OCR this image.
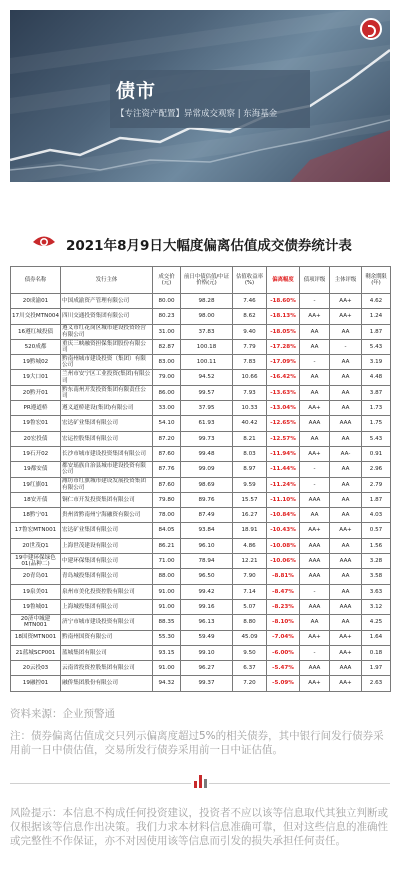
债市
【专注资产配置】异常成交观察 | 东海基金
2021年8月9日大幅度偏离估值成交债券统计表
债券名称	发行主体	成交价(元)	前日中债估值/中证价格(元)	估值收益率(%)	偏离幅度	债项评级	主体评级	剩余期限(年)
20成渝01	中国成渝资产管理有限公司	80.00	98.28	7.46	-18.60%	-	AA+	4.62
17川交投MTN004	四川交通投资集团有限公司	80.23	98.00	8.62	-18.13%	AA+	AA+	1.24
16遵红城投债	遵义市红花岗区城市建设投资经营有限公司	31.00	37.83	9.40	-18.05%	AA	AA	1.87
520成都	重庆三峡融资担保集团股份有限公司	82.87	100.18	7.79	-17.28%	AA	-	5.43
19黔城02	黔南州城市建设投资（集团）有限公司	83.00	100.11	7.83	-17.09%	-	AA	3.19
19大口01	兰州市安宁区工业投资(集团)有限公司	79.00	94.52	10.66	-16.42%	AA	AA	4.48
20黔开01	黔东南州开发投资集团有限责任公司	86.00	99.57	7.93	-13.63%	AA	AA	3.87
PR遵道桥	遵义道桥建设(集团)有限公司	33.00	37.95	10.33	-13.04%	AA+	AA	1.73
19鲁宏01	宏达矿业集团有限公司	54.10	61.93	40.42	-12.65%	AAA	AAA	1.75
20宏投债	宏运控股集团有限公司	87.20	99.73	8.21	-12.57%	AA	AA	5.43
19石开02	长沙市城市建设投资集团有限公司	87.60	99.48	8.03	-11.94%	AA+	AA-	0.91
19都安债	都安瑶族自治县城市建设投资有限公司	87.76	99.09	8.97	-11.44%	-	AA	2.96
19红旗01	潍坊市红旗城市建设发展投资集团有限公司	87.60	98.69	9.59	-11.24%	-	AA	2.79
18安开债	铜仁市开发投资集团有限公司	79.80	89.76	15.57	-11.10%	AAA	AA	1.87
18黔宁01	贵州省黔南州宁海融资有限公司	78.00	87.49	16.27	-10.84%	AA	AA	4.03
17鲁宏MTN001	宏达矿业集团有限公司	84.05	93.84	18.91	-10.43%	AA+	AA+	0.57
20世茂Q1	上海世茂建设有限公司	86.21	96.10	4.86	-10.08%	AAA	AA	1.56
19中建环保绿色01(品种二)	中建环保集团有限公司	71.00	78.94	12.21	-10.06%	AAA	AAA	3.28
20青岛01	青岛城投集团有限公司	88.00	96.50	7.90	-8.81%	AAA	AA	3.58
19泉美01	泉州市美化投资控股有限公司	91.00	99.42	7.14	-8.47%	-	AA	3.63
19鲁城01	上海城投集团有限公司	91.00	99.16	5.07	-8.23%	AAA	AAA	3.12
20济中城建MTN001	济宁市城市建设投资有限公司	88.35	96.13	8.80	-8.10%	AA	AA	4.25
18国资MTN001	黔南州国资有限公司	55.30	59.49	45.09	-7.04%	AA+	AA+	1.64
21蓝城SCP001	蓝城集团有限公司	93.15	99.10	9.50	-6.00%	-	AA+	0.18
20云投03	云南省投资控股集团有限公司	91.00	96.27	6.37	-5.47%	AAA	AAA	1.97
19融控01	融侨集团股份有限公司	94.32	99.37	7.20	-5.09%	AA+	AA+	2.63
资料来源：企业预警通
注：债券偏离估值成交只列示偏离度超过5%的相关债券，其中银行间发行债券采用前一日中债估值，交易所发行债券采用前一日中证估值。
风险提示：本信息不构成任何投资建议，投资者不应以该等信息取代其独立判断或仅根据该等信息作出决策。我们力求本材料信息准确可靠，但对这些信息的准确性或完整性不作保证，亦不对因使用该等信息而引发的损失承担任何责任。
